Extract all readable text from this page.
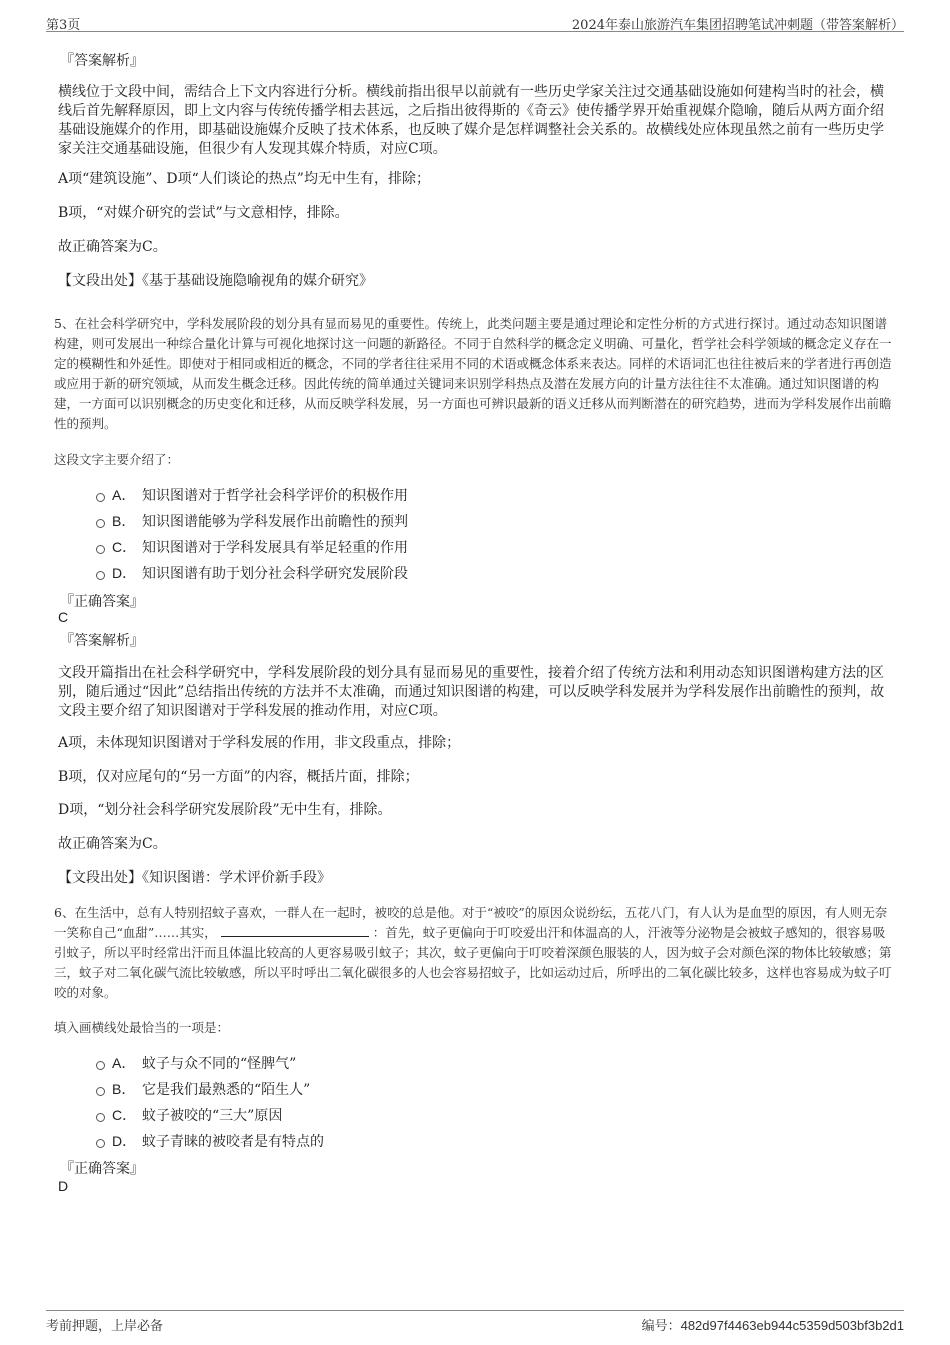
第3页	2024年泰山旅游汽车集团招聘笔试冲刺题（带答案解析）
『答案解析』
横线位于文段中间，需结合上下文内容进行分析。横线前指出很早以前就有一些历史学家关注过交通基础设施如何建构当时的社会，横线后首先解释原因，即上文内容与传统传播学相去甚远，之后指出彼得斯的《奇云》使传播学界开始重视媒介隐喻，随后从两方面介绍基础设施媒介的作用，即基础设施媒介反映了技术体系，也反映了媒介是怎样调整社会关系的。故横线处应体现虽然之前有一些历史学家关注交通基础设施，但很少有人发现其媒介特质，对应C项。
A项“建筑设施”、D项“人们谈论的热点”均无中生有，排除；
B项，“对媒介研究的尝试”与文意相悖，排除。
故正确答案为C。
【文段出处】《基于基础设施隐喻视角的媒介研究》
5、在社会科学研究中，学科发展阶段的划分具有显而易见的重要性。传统上，此类问题主要是通过理论和定性分析的方式进行探讨。通过动态知识图谱构建，则可发展出一种综合量化计算与可视化地探讨这一问题的新路径。不同于自然科学的概念定义明确、可量化，哲学社会科学领域的概念定义存在一定的模糊性和外延性。即使对于相同或相近的概念，不同的学者往往采用不同的术语或概念体系来表达。同样的术语词汇也往往被后来的学者进行再创造或应用于新的研究领域，从而发生概念迁移。因此传统的简单通过关键词来识别学科热点及潜在发展方向的计量方法往往不太准确。通过知识图谱的构建，一方面可以识别概念的历史变化和迁移，从而反映学科发展，另一方面也可辨识最新的语义迁移从而判断潜在的研究趋势，进而为学科发展作出前瞻性的预判。
这段文字主要介绍了：
A． 知识图谱对于哲学社会科学评价的积极作用
B． 知识图谱能够为学科发展作出前瞻性的预判
C． 知识图谱对于学科发展具有举足轻重的作用
D． 知识图谱有助于划分社会科学研究发展阶段
『正确答案』
C
『答案解析』
文段开篇指出在社会科学研究中，学科发展阶段的划分具有显而易见的重要性，接着介绍了传统方法和利用动态知识图谱构建方法的区别，随后通过“因此”总结指出传统的方法并不太准确，而通过知识图谱的构建，可以反映学科发展并为学科发展作出前瞻性的预判，故文段主要介绍了知识图谱对于学科发展的推动作用，对应C项。
A项，未体现知识图谱对于学科发展的作用，非文段重点，排除；
B项，仅对应尾句的“另一方面”的内容，概括片面，排除；
D项，“划分社会科学研究发展阶段”无中生有，排除。
故正确答案为C。
【文段出处】《知识图谱：学术评价新手段》
6、在生活中，总有人特别招蚊子喜欢，一群人在一起时，被咬的总是他。对于“被咬”的原因众说纷纭，五花八门，有人认为是血型的原因，有人则无奈一笑称自己“血甜”……其实，	：首先，蚊子更偏向于叮咬爱出汗和体温高的人，汗液等分泌物是会被蚊子感知的，很容易吸引蚊子，所以平时经常出汗而且体温比较高的人更容易吸引蚊子；其次，蚊子更偏向于叮咬着深颜色服装的人，因为蚊子会对颜色深的物体比较敏感；第三，蚊子对二氧化碳气流比较敏感，所以平时呼出二氧化碳很多的人也会容易招蚊子，比如运动过后，所呼出的二氧化碳比较多，这样也容易成为蚊子叮咬的对象。
填入画横线处最恰当的一项是：
A． 蚊子与众不同的“怪脾气”
B． 它是我们最熟悉的“陌生人”
C． 蚊子被咬的“三大”原因
D． 蚊子青睐的被咬者是有特点的
『正确答案』
D
考前押题，上岸必备	编号：482d97f4463eb944c5359d503bf3b2d1
